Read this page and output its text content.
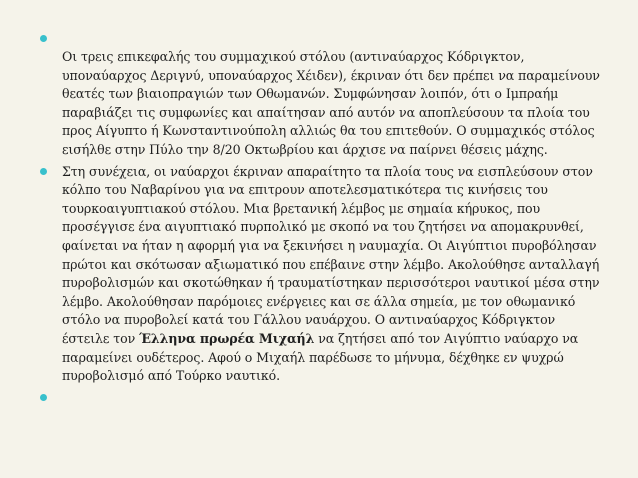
Οι τρεις επικεφαλής του συμμαχικού στόλου (αντιναύαρχος Κόδριγκτον, υποναύαρχος Δεριγνύ, υποναύαρχος Χέιδεν), έκριναν ότι δεν πρέπει να παραμείνουν θεατές των βιαιοπραγιών των Οθωμανών. Συμφώνησαν λοιπόν, ότι ο Ιμπραήμ παραβιάζει τις συμφωνίες και απαίτησαν από αυτόν να αποπλεύσουν τα πλοία του προς Αίγυπτο ή Κωνσταντινούπολη αλλιώς θα του επιτεθούν. Ο συμμαχικός στόλος εισήλθε στην Πύλο την 8/20 Οκτωβρίου και άρχισε να παίρνει θέσεις μάχης.
Στη συνέχεια, οι ναύαρχοι έκριναν απαραίτητο τα πλοία τους να εισπλεύσουν στον κόλπο του Ναβαρίνου για να επιτρουν αποτελεσματικότερα τις κινήσεις του τουρκοαιγυπτιακού στόλου. Μια βρετανική λέμβος με σημαία κήρυκος, που προσέγγισε ένα αιγυπτιακό πυρπολικό με σκοπό να του ζητήσει να απομακρυνθεί, φαίνεται να ήταν η αφορμή για να ξεκινήσει η ναυμαχία. Οι Αιγύπτιοι πυροβόλησαν πρώτοι και σκότωσαν αξιωματικό που επέβαινε στην λέμβο. Ακολούθησε ανταλλαγή πυροβολισμών και σκοτώθηκαν ή τραυματίστηκαν περισσότεροι ναυτικοί μέσα στην λέμβο. Ακολούθησαν παρόμοιες ενέργειες και σε άλλα σημεία, με τον οθωμανικό στόλο να πυροβολεί κατά του Γάλλου ναυάρχου. Ο αντιναύαρχος Κόδριγκτον έστειλε τον Έλληνα πρωρέα Μιχαήλ να ζητήσει από τον Αιγύπτιο ναύαρχο να παραμείνει ουδέτερος. Αφού ο Μιχαήλ παρέδωσε το μήνυμα, δέχθηκε εν ψυχρώ πυροβολισμό από Τούρκο ναυτικό.
